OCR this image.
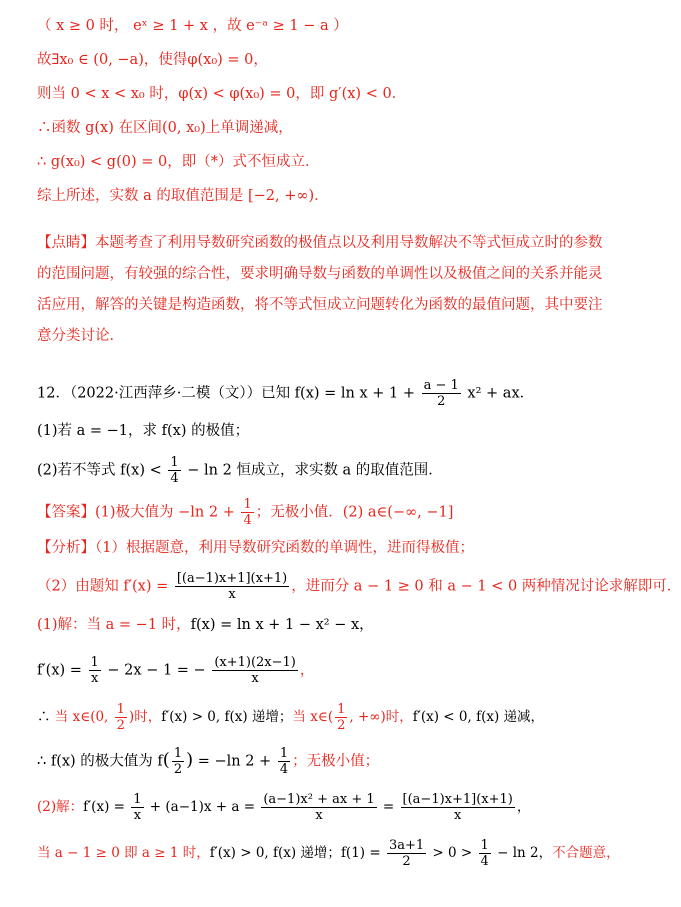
（ x ≥ 0 时， eˣ ≥ 1 + x ，故 e⁻ᵃ ≥ 1 − a ）
故∃x₀ ∈ (0, −a)，使得φ(x₀) = 0，
则当 0 < x < x₀ 时，φ(x) < φ(x₀) = 0，即 g′(x) < 0．
∴函数 g(x) 在区间(0, x₀)上单调递减，
∴ g(x₀) < g(0) = 0，即（*）式不恒成立．
综上所述，实数 a 的取值范围是 [−2, +∞)．
【点睛】本题考查了利用导数研究函数的极值点以及利用导数解决不等式恒成立时的参数的范围问题，有较强的综合性，要求明确导数与函数的单调性以及极值之间的关系并能灵活应用，解答的关键是构造函数，将不等式恒成立问题转化为函数的最值问题，其中要注意分类讨论．
12．（2022·江西萍乡·二模（文））已知 $f(x) = \ln x + 1 + \frac{a - 1}{2} x^2$ + ax．
(1)若 a = −1，求 f(x) 的极值；
(2)若不等式 $f(x) < \frac{1}{4} - \ln 2$ 恒成立，求实数 a 的取值范围．
【答案】(1)极大值为 −ln $2 + \frac{1}{4}$ ；无极小值．(2) a∈(−∞, −1]
【分析】（1）根据题意，利用导数研究函数的单调性，进而得极值；
（2）由题知 $f'(x) = \frac{[(a-1)x+1](x+1)}{x}$ ，进而分 a − 1 ≥ 0 和 a − 1 < 0 两种情况讨论求解即可．
(1)解：当 a = −1 时，f(x) = ln x + 1 − x² − x，
$f'(x) = \frac{1}{x} - 2x - 1$ = − $\frac{(x+1)(2x-1)}{x}$ ，
∴ 当 x∈(0, $\frac{1}{2}$ )时，f′(x) > 0, f(x) 递增；当 x∈( $\frac{1}{2}$ , +∞)时，f′(x) < 0, f(x) 递减，
∴ f(x) 的极大值为 $f( \frac{1}{2}$ ) = −ln $2 + \frac{1}{4}$ ；无极小值；
(2)解：$f'(x) = \frac{1}{x} + (a-1)x + a = \frac{\text{(a−1)x² + ax + 1}}{x} = \frac{[(a-1)x+1](x+1)}{x}$ ，
当 a − 1 ≥ 0 即 a ≥ 1 时，f′(x) > 0, f(x) 递增；$f(1) = \frac{3a+1}{2} > 0 > \frac{1}{4} - \ln 2$，不合题意，
